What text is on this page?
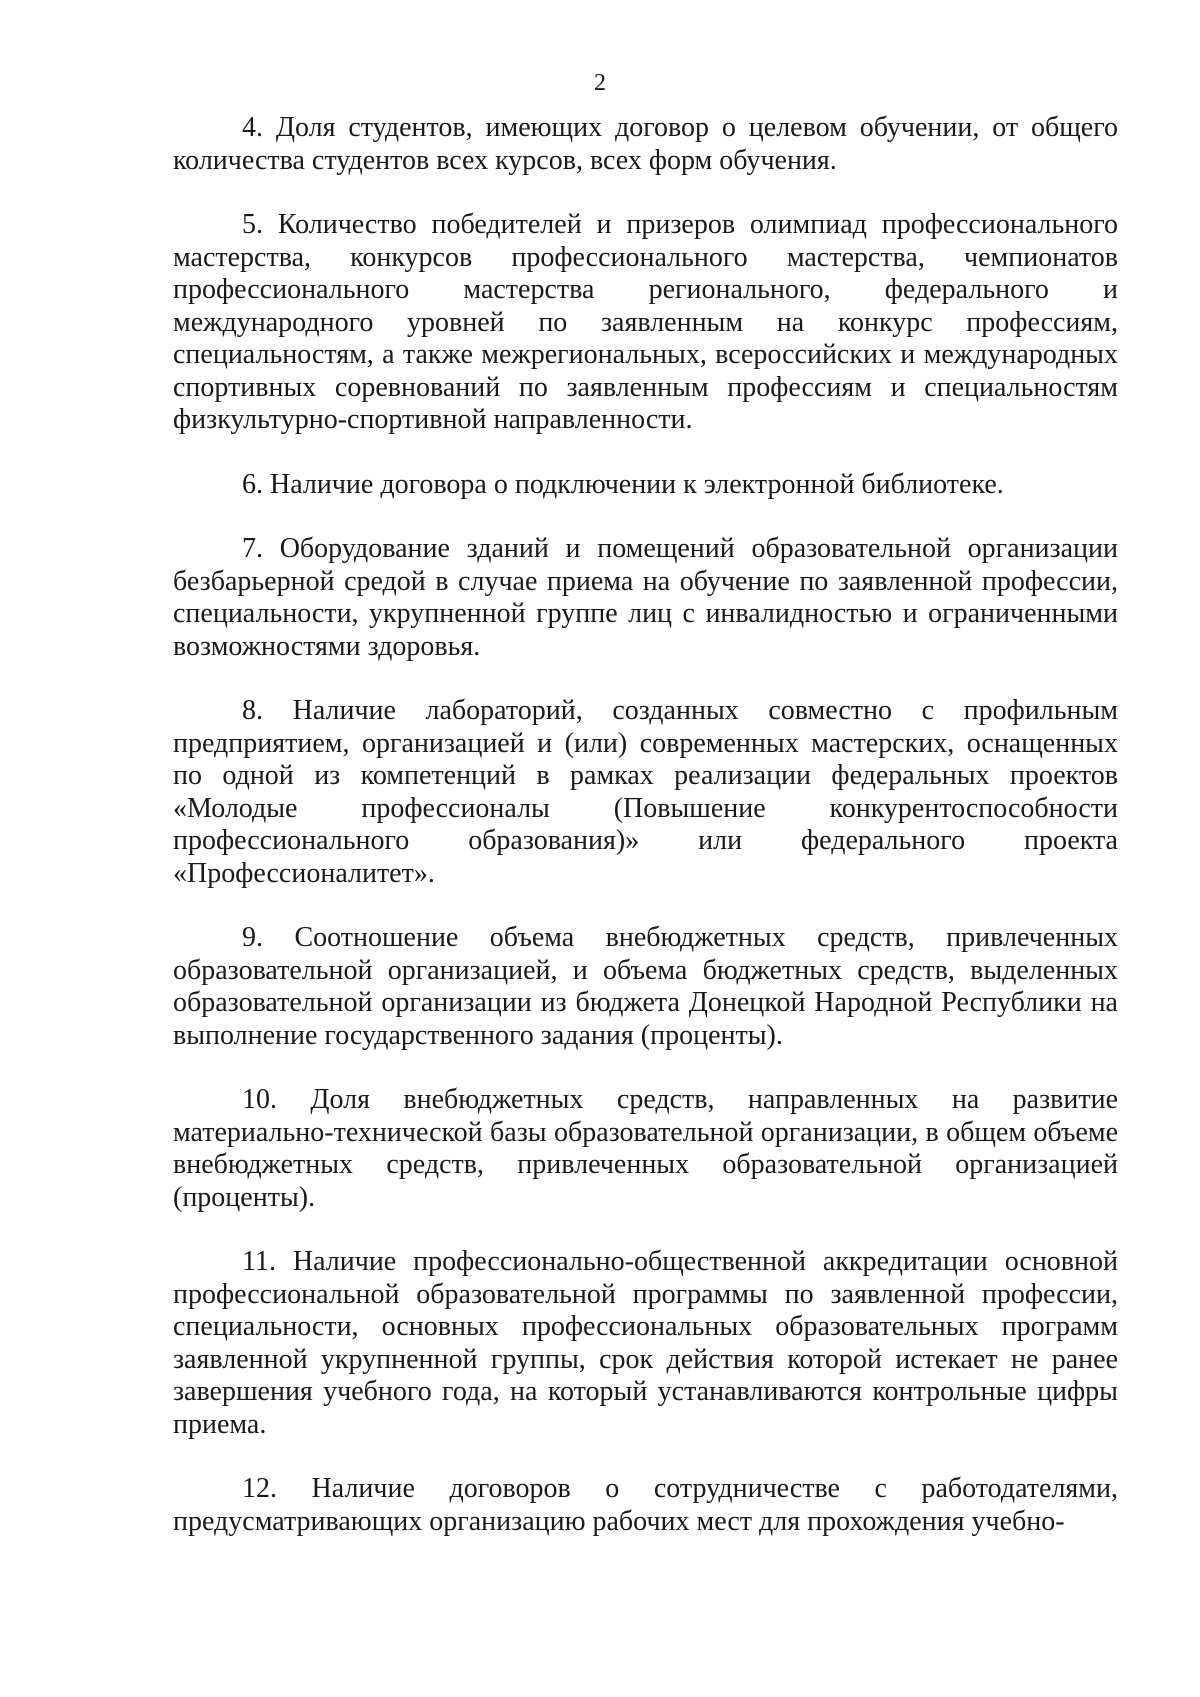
2

4. Доля студентов, имеющих договор о целевом обучении, от общего количества студентов всех курсов, всех форм обучения.

5. Количество победителей и призеров олимпиад профессионального мастерства, конкурсов профессионального мастерства, чемпионатов профессионального мастерства регионального, федерального и международного уровней по заявленным на конкурс профессиям, специальностям, а также межрегиональных, всероссийских и международных спортивных соревнований по заявленным профессиям и специальностям физкультурно-спортивной направленности.

6. Наличие договора о подключении к электронной библиотеке.

7. Оборудование зданий и помещений образовательной организации безбарьерной средой в случае приема на обучение по заявленной профессии, специальности, укрупненной группе лиц с инвалидностью и ограниченными возможностями здоровья.

8. Наличие лабораторий, созданных совместно с профильным предприятием, организацией и (или) современных мастерских, оснащенных по одной из компетенций в рамках реализации федеральных проектов «Молодые профессионалы (Повышение конкурентоспособности профессионального образования)» или федерального проекта «Профессионалитет».

9. Соотношение объема внебюджетных средств, привлеченных образовательной организацией, и объема бюджетных средств, выделенных образовательной организации из бюджета Донецкой Народной Республики на выполнение государственного задания (проценты).

10. Доля внебюджетных средств, направленных на развитие материально-технической базы образовательной организации, в общем объеме внебюджетных средств, привлеченных образовательной организацией (проценты).

11. Наличие профессионально-общественной аккредитации основной профессиональной образовательной программы по заявленной профессии, специальности, основных профессиональных образовательных программ заявленной укрупненной группы, срок действия которой истекает не ранее завершения учебного года, на который устанавливаются контрольные цифры приема.

12. Наличие договоров о сотрудничестве с работодателями, предусматривающих организацию рабочих мест для прохождения учебно-
